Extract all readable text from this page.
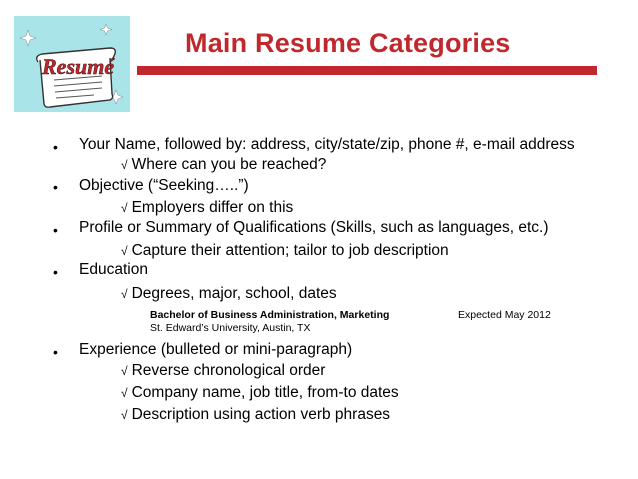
Resumé
Main Resume Categories
• Your Name, followed by: address, city/state/zip, phone #, e-mail address
√ Where can you be reached?
• Objective (“Seeking…..”)
√ Employers differ on this
• Profile or Summary of Qualifications (Skills, such as languages, etc.)
√ Capture their attention; tailor to job description
• Education
√ Degrees, major, school, dates
Bachelor of Business Administration, Marketing	Expected May 2012
St. Edward’s University, Austin, TX
• Experience (bulleted or mini-paragraph)
√ Reverse chronological order
√ Company name, job title, from-to dates
√ Description using action verb phrases
